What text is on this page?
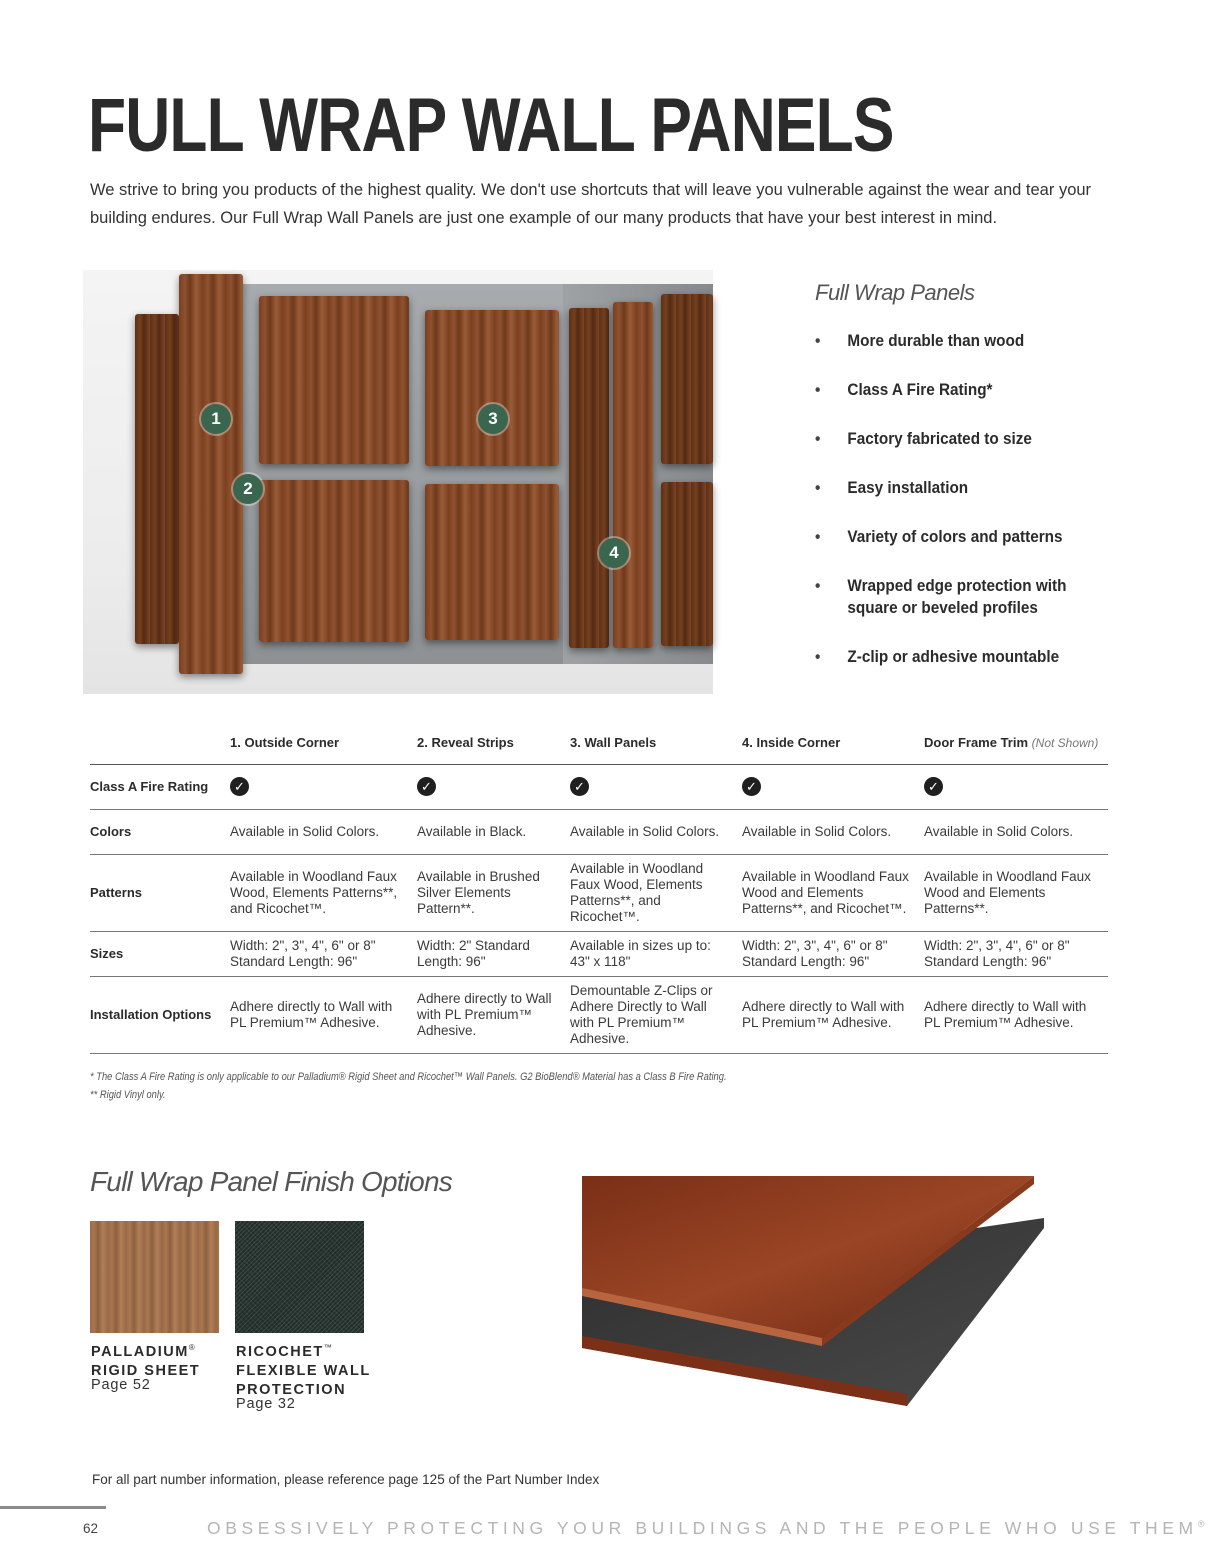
FULL WRAP WALL PANELS

We strive to bring you products of the highest quality. We don't use shortcuts that will leave you vulnerable against the wear and tear your building endures. Our Full Wrap Wall Panels are just one example of our many products that have your best interest in mind.

1
2
3
4
Full Wrap Panels
• More durable than wood
• Class A Fire Rating*
• Factory fabricated to size
• Easy installation
• Variety of colors and patterns
• Wrapped edge protection with square or beveled profiles
• Z-clip or adhesive mountable
	1. Outside Corner	2. Reveal Strips	3. Wall Panels	4. Inside Corner	Door Frame Trim (Not Shown)
Class A Fire Rating	✓	✓	✓	✓	✓
Colors	Available in Solid Colors.	Available in Black.	Available in Solid Colors.	Available in Solid Colors.	Available in Solid Colors.
Patterns	Available in Woodland Faux Wood, Elements Patterns**, and Ricochet™.	Available in Brushed Silver Elements Pattern**.	Available in Woodland Faux Wood, Elements Patterns**, and Ricochet™.	Available in Woodland Faux Wood and Elements Patterns**, and Ricochet™.	Available in Woodland Faux Wood and Elements Patterns**.
Sizes	Width: 2", 3", 4", 6" or 8" Standard Length: 96"	Width: 2" Standard Length: 96"	Available in sizes up to: 43" x 118"	Width: 2", 3", 4", 6" or 8" Standard Length: 96"	Width: 2", 3", 4", 6" or 8" Standard Length: 96"
Installation Options	Adhere directly to Wall with PL Premium™ Adhesive.	Adhere directly to Wall with PL Premium™ Adhesive.	Demountable Z-Clips or Adhere Directly to Wall with PL Premium™ Adhesive.	Adhere directly to Wall with PL Premium™ Adhesive.	Adhere directly to Wall with PL Premium™ Adhesive.
* The Class A Fire Rating is only applicable to our Palladium® Rigid Sheet and Ricochet™ Wall Panels. G2 BioBlend® Material has a Class B Fire Rating.
** Rigid Vinyl only.
Full Wrap Panel Finish Options
PALLADIUM®
RIGID SHEET
Page 52
RICOCHET™
FLEXIBLE WALL
PROTECTION
Page 32
For all part number information, please reference page 125 of the Part Number Index
62	OBSESSIVELY PROTECTING YOUR BUILDINGS AND THE PEOPLE WHO USE THEM®
